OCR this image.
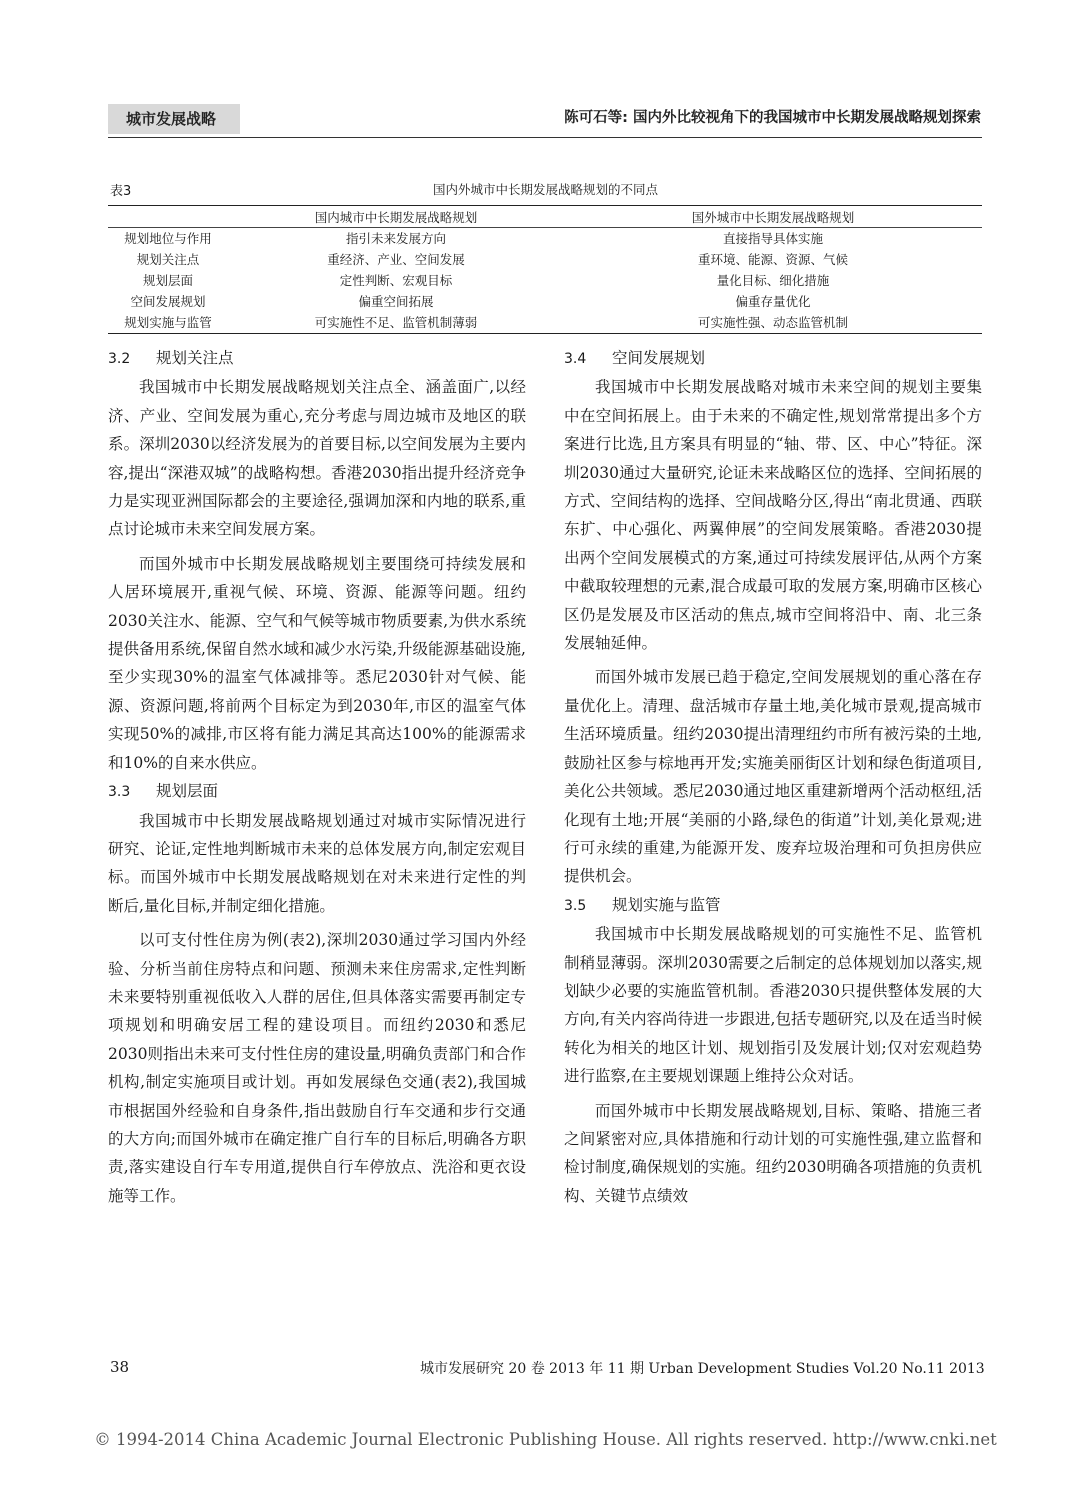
城市发展战略	陈可石等: 国内外比较视角下的我国城市中长期发展战略规划探索
表3	国内外城市中长期发展战略规划的不同点
	国内城市中长期发展战略规划	国外城市中长期发展战略规划
规划地位与作用	指引未来发展方向	直接指导具体实施
规划关注点	重经济、产业、空间发展	重环境、能源、资源、气候
规划层面	定性判断、宏观目标	量化目标、细化措施
空间发展规划	偏重空间拓展	偏重存量优化
规划实施与监管	可实施性不足、监管机制薄弱	可实施性强、动态监管机制
3.2	规划关注点

我国城市中长期发展战略规划关注点全、涵盖面广,以经济、产业、空间发展为重心,充分考虑与周边城市及地区的联系。深圳2030以经济发展为的首要目标,以空间发展为主要内容,提出“深港双城”的战略构想。香港2030指出提升经济竞争力是实现亚洲国际都会的主要途径,强调加深和内地的联系,重点讨论城市未来空间发展方案。

而国外城市中长期发展战略规划主要围绕可持续发展和人居环境展开,重视气候、环境、资源、能源等问题。纽约2030关注水、能源、空气和气候等城市物质要素,为供水系统提供备用系统,保留自然水域和减少水污染,升级能源基础设施,至少实现30%的温室气体减排等。悉尼2030针对气候、能源、资源问题,将前两个目标定为到2030年,市区的温室气体实现50%的减排,市区将有能力满足其高达100%的能源需求和10%的自来水供应。

3.3	规划层面

我国城市中长期发展战略规划通过对城市实际情况进行研究、论证,定性地判断城市未来的总体发展方向,制定宏观目标。而国外城市中长期发展战略规划在对未来进行定性的判断后,量化目标,并制定细化措施。

以可支付性住房为例(表2),深圳2030通过学习国内外经验、分析当前住房特点和问题、预测未来住房需求,定性判断未来要特别重视低收入人群的居住,但具体落实需要再制定专项规划和明确安居工程的建设项目。而纽约2030和悉尼2030则指出未来可支付性住房的建设量,明确负责部门和合作机构,制定实施项目或计划。再如发展绿色交通(表2),我国城市根据国外经验和自身条件,指出鼓励自行车交通和步行交通的大方向;而国外城市在确定推广自行车的目标后,明确各方职责,落实建设自行车专用道,提供自行车停放点、洗浴和更衣设施等工作。

3.4	空间发展规划

我国城市中长期发展战略对城市未来空间的规划主要集中在空间拓展上。由于未来的不确定性,规划常常提出多个方案进行比选,且方案具有明显的“轴、带、区、中心”特征。深圳2030通过大量研究,论证未来战略区位的选择、空间拓展的方式、空间结构的选择、空间战略分区,得出“南北贯通、西联东扩、中心强化、两翼伸展”的空间发展策略。香港2030提出两个空间发展模式的方案,通过可持续发展评估,从两个方案中截取较理想的元素,混合成最可取的发展方案,明确市区核心区仍是发展及市区活动的焦点,城市空间将沿中、南、北三条发展轴延伸。

而国外城市发展已趋于稳定,空间发展规划的重心落在存量优化上。清理、盘活城市存量土地,美化城市景观,提高城市生活环境质量。纽约2030提出清理纽约市所有被污染的土地,鼓励社区参与棕地再开发;实施美丽街区计划和绿色街道项目,美化公共领域。悉尼2030通过地区重建新增两个活动枢纽,活化现有土地;开展“美丽的小路,绿色的街道”计划,美化景观;进行可永续的重建,为能源开发、废弃垃圾治理和可负担房供应提供机会。

3.5	规划实施与监管

我国城市中长期发展战略规划的可实施性不足、监管机制稍显薄弱。深圳2030需要之后制定的总体规划加以落实,规划缺少必要的实施监管机制。香港2030只提供整体发展的大方向,有关内容尚待进一步跟进,包括专题研究,以及在适当时候转化为相关的地区计划、规划指引及发展计划;仅对宏观趋势进行监察,在主要规划课题上维持公众对话。

而国外城市中长期发展战略规划,目标、策略、措施三者之间紧密对应,具体措施和行动计划的可实施性强,建立监督和检讨制度,确保规划的实施。纽约2030明确各项措施的负责机构、关键节点绩效

38	城市发展研究 20 卷 2013 年 11 期 Urban Development Studies Vol.20 No.11 2013
© 1994-2014 China Academic Journal Electronic Publishing House. All rights reserved. http://www.cnki.net
